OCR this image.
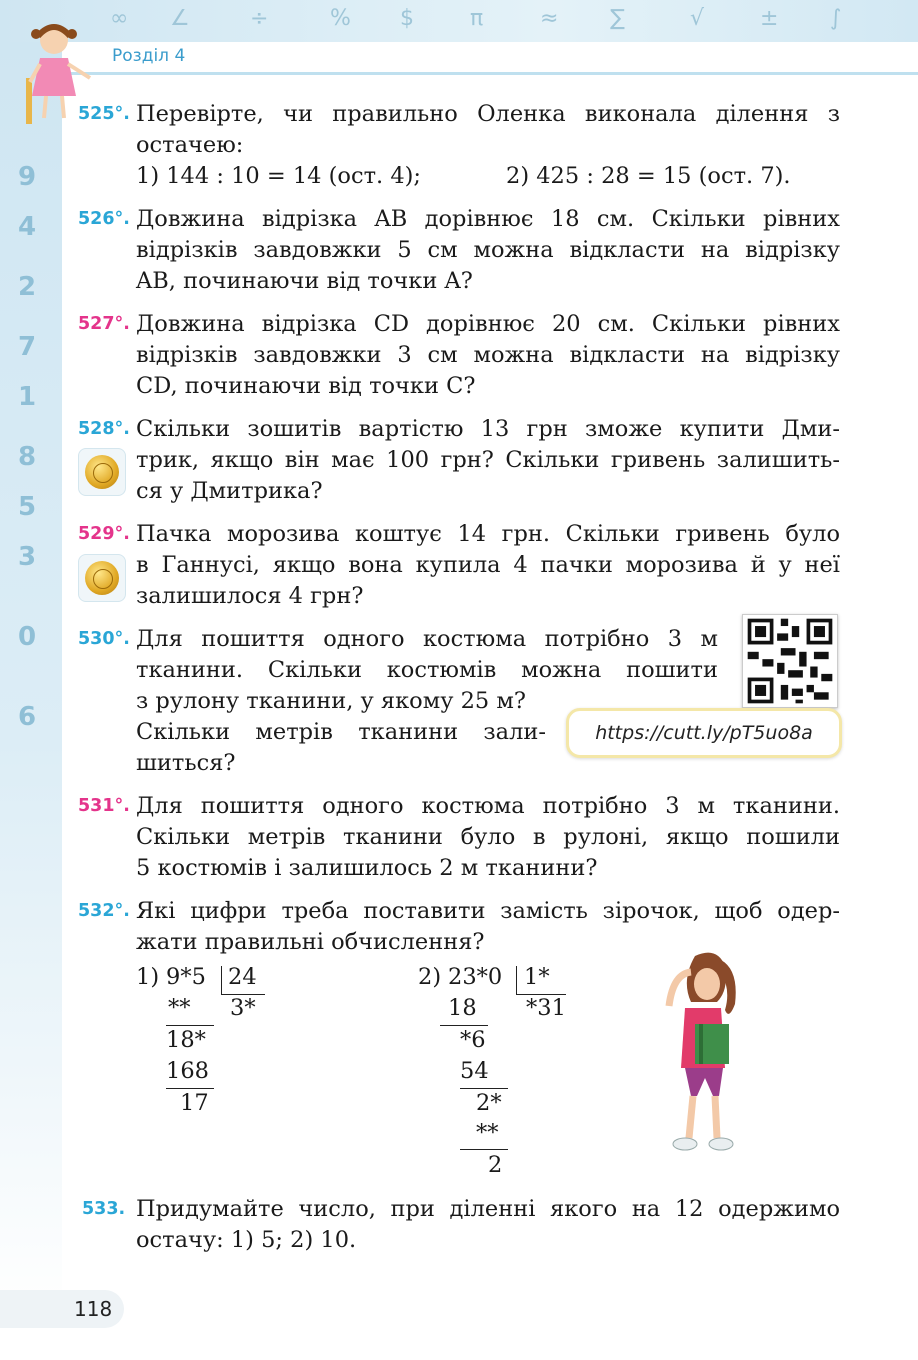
∞ ∠	÷	% $	π	≈ ∑	√	± ∫
9
4
2
7
1
8
5
3
0
6
Розділ 4
525°. Перевірте, чи правильно Оленка виконала ділення з
остачею:
1) 144 : 10 = 14 (ост. 4);	2) 425 : 28 = 15 (ост. 7).
526°. Довжина відрізка AB дорівнює 18 см. Скільки рівних
відрізків завдовжки 5 см можна відкласти на відрізку
AB, починаючи від точки A?
527°. Довжина відрізка CD дорівнює 20 см. Скільки рівних
відрізків завдовжки 3 см можна відкласти на відрізку
CD, починаючи від точки C?
528°. Скільки зошитів вартістю 13 грн зможе купити Дми-
трик, якщо він має 100 грн? Скільки гривень залишить-
ся у Дмитрика?
529°. Пачка морозива коштує 14 грн. Скільки гривень було
в Ганнусі, якщо вона купила 4 пачки морозива й у неї
залишилося 4 грн?
530°. Для пошиття одного костюма потрібно 3 м
тканини. Скільки костюмів можна пошити
з рулону тканини, у якому 25 м?
Скільки метрів тканини зали-
шиться?
https://cutt.ly/pT5uo8a
531°. Для пошиття одного костюма потрібно 3 м тканини.
Скільки метрів тканини було в рулоні, якщо пошили
5 костюмів і залишилось 2 м тканини?
532°. Які цифри треба поставити замість зірочок, щоб одер-
жати правильні обчислення?
1) 9*5 24
3*
**
18*
168
17
2) 23*0 1*
*31
18
*6
54
2*
**
2
533. Придумайте число, при діленні якого на 12 одержимо
остачу: 1) 5; 2) 10.
118
